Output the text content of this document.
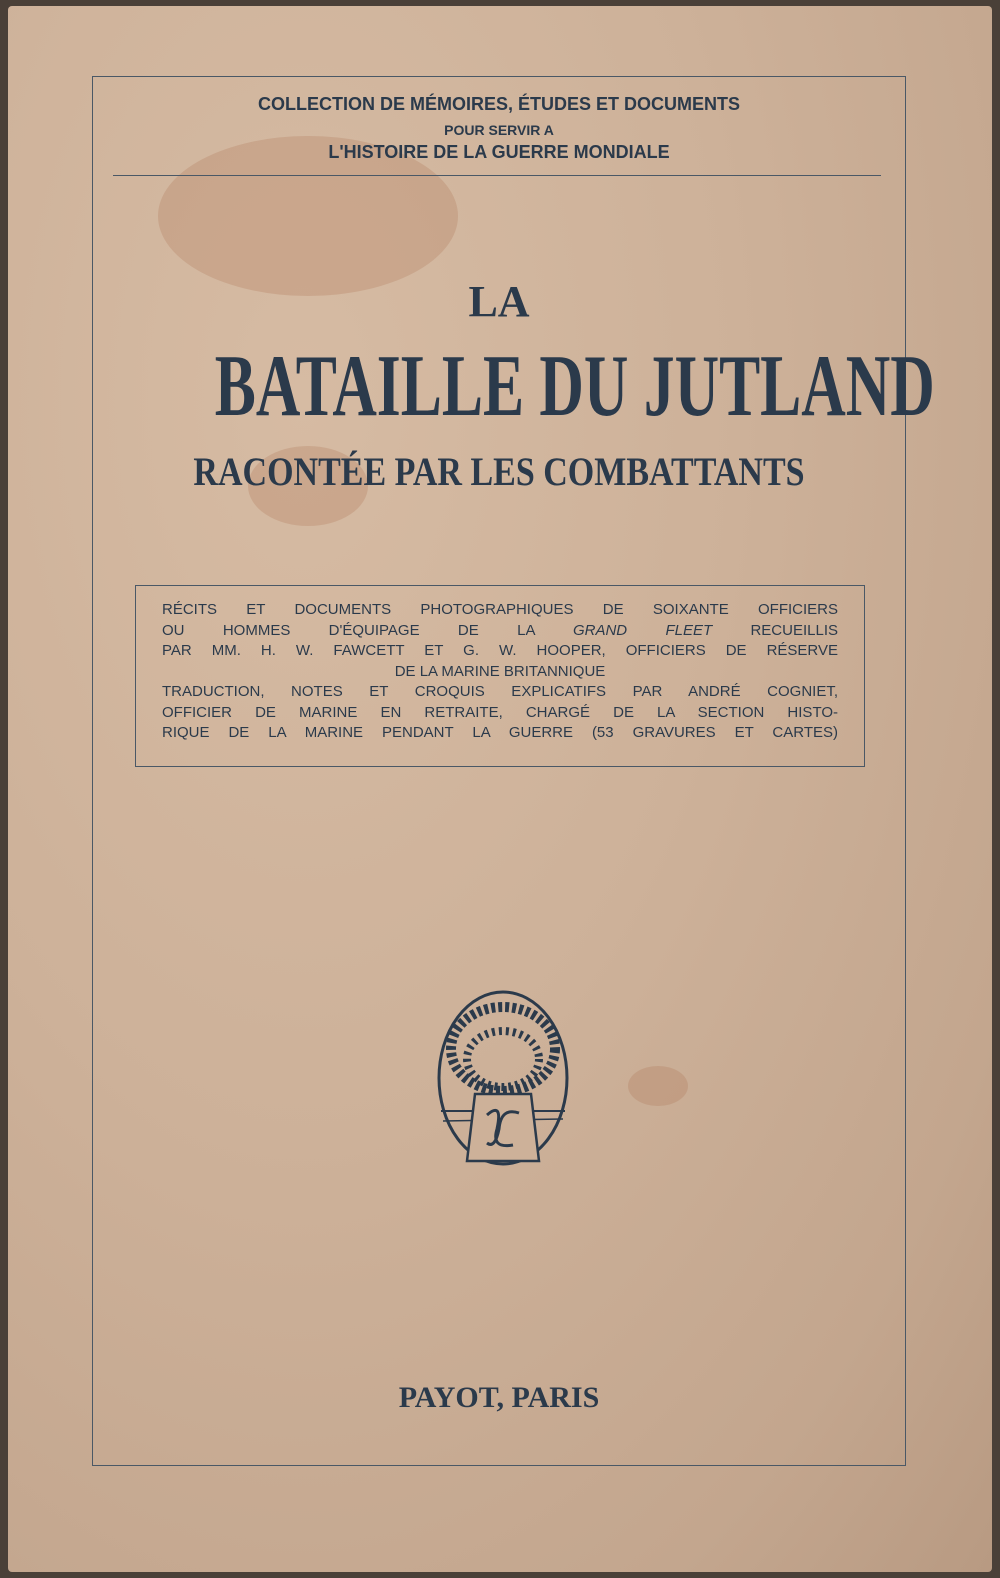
COLLECTION DE MÉMOIRES, ÉTUDES ET DOCUMENTS
POUR SERVIR A
L'HISTOIRE DE LA GUERRE MONDIALE
LA
BATAILLE DU JUTLAND
RACONTÉE PAR LES COMBATTANTS

RÉCITS ET DOCUMENTS PHOTOGRAPHIQUES DE SOIXANTE OFFICIERS

OU HOMMES D'ÉQUIPAGE DE LA GRAND FLEET RECUEILLIS

PAR MM. H. W. FAWCETT ET G. W. HOOPER, OFFICIERS DE RÉSERVE

DE LA MARINE BRITANNIQUE

TRADUCTION, NOTES ET CROQUIS EXPLICATIFS PAR ANDRÉ COGNIET,

OFFICIER DE MARINE EN RETRAITE, CHARGÉ DE LA SECTION HISTO-

RIQUE DE LA MARINE PENDANT LA GUERRE (53 GRAVURES ET CARTES)

PAYOT, PARIS
